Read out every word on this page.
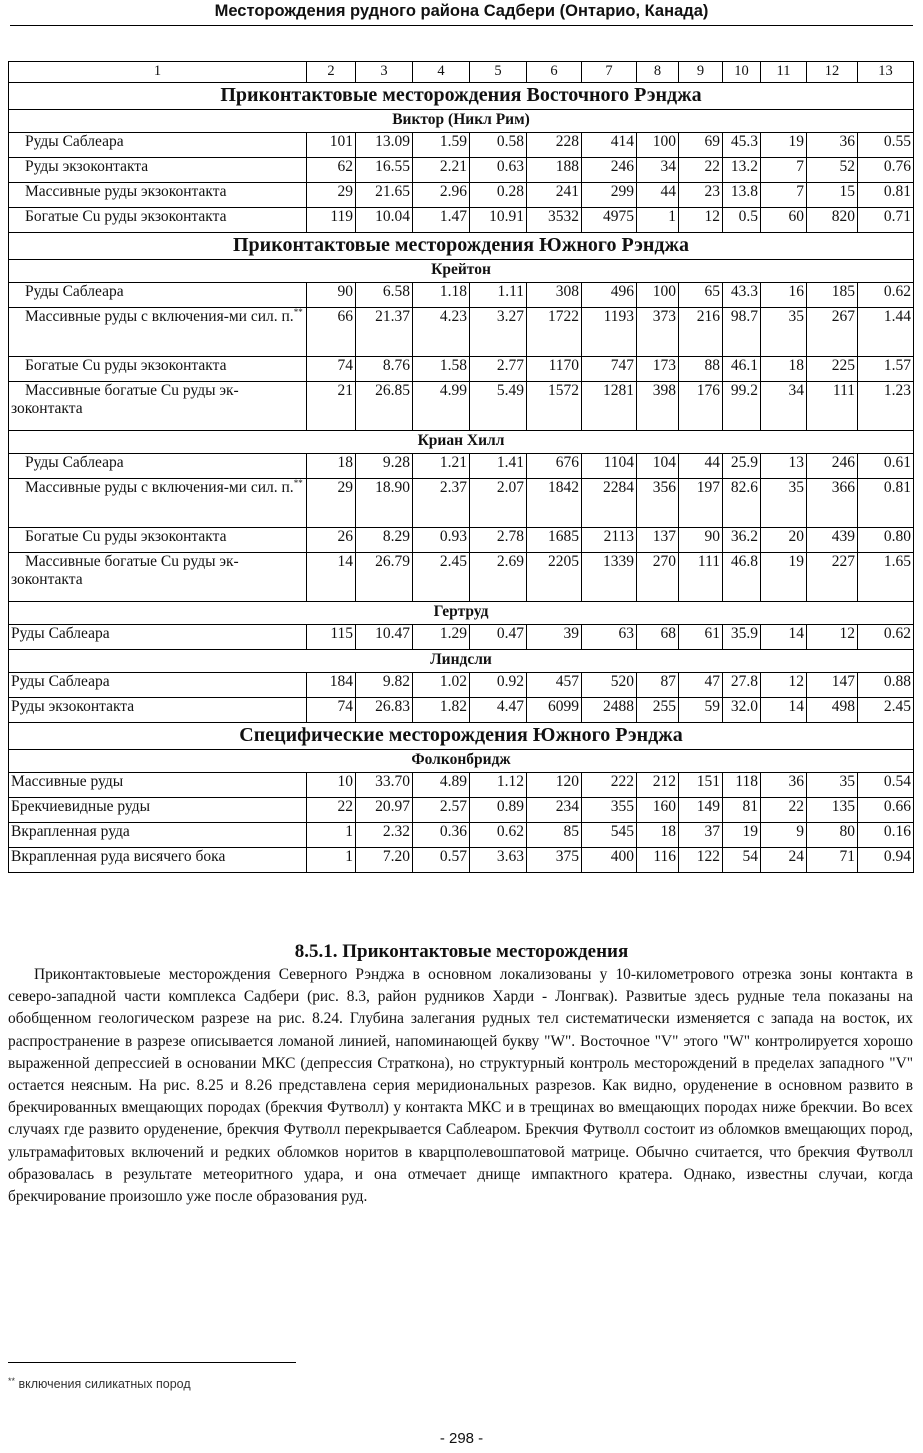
Месторождения рудного района Садбери (Онтарио, Канада)
1	2	3	4	5	6	7	8	9	10	11	12	13
Приконтактовые месторождения Восточного Рэнджа												
Виктор (Никл Рим)												
Руды Саблеара	101	13.09	1.59	0.58	228	414	100	69	45.3	19	36	0.55
Руды экзоконтакта	62	16.55	2.21	0.63	188	246	34	22	13.2	7	52	0.76
Массивные руды экзоконтакта	29	21.65	2.96	0.28	241	299	44	23	13.8	7	15	0.81
Богатые Cu руды экзоконтакта	119	10.04	1.47	10.91	3532	4975	1	12	0.5	60	820	0.71
Приконтактовые месторождения Южного Рэнджа												
Крейтон												
Руды Саблеара	90	6.58	1.18	1.11	308	496	100	65	43.3	16	185	0.62
Массивные руды с включения-ми сил. п.**	66	21.37	4.23	3.27	1722	1193	373	216	98.7	35	267	1.44
Богатые Cu руды экзоконтакта	74	8.76	1.58	2.77	1170	747	173	88	46.1	18	225	1.57
Массивные богатые Cu руды эк-зоконтакта	21	26.85	4.99	5.49	1572	1281	398	176	99.2	34	111	1.23
Криан Хилл												
Руды Саблеара	18	9.28	1.21	1.41	676	1104	104	44	25.9	13	246	0.61
Массивные руды с включения-ми сил. п.**	29	18.90	2.37	2.07	1842	2284	356	197	82.6	35	366	0.81
Богатые Cu руды экзоконтакта	26	8.29	0.93	2.78	1685	2113	137	90	36.2	20	439	0.80
Массивные богатые Cu руды эк-зоконтакта	14	26.79	2.45	2.69	2205	1339	270	111	46.8	19	227	1.65
Гертруд												
Руды Саблеара	115	10.47	1.29	0.47	39	63	68	61	35.9	14	12	0.62
Линдсли												
Руды Саблеара	184	9.82	1.02	0.92	457	520	87	47	27.8	12	147	0.88
Руды экзоконтакта	74	26.83	1.82	4.47	6099	2488	255	59	32.0	14	498	2.45
Специфические месторождения Южного Рэнджа												
Фолконбридж												
Массивные руды	10	33.70	4.89	1.12	120	222	212	151	118	36	35	0.54
Брекчиевидные руды	22	20.97	2.57	0.89	234	355	160	149	81	22	135	0.66
Вкрапленная руда	1	2.32	0.36	0.62	85	545	18	37	19	9	80	0.16
Вкрапленная руда висячего бока	1	7.20	0.57	3.63	375	400	116	122	54	24	71	0.94
8.5.1. Приконтактовые месторождения
Приконтактовыеые месторождения Северного Рэнджа в основном локализованы у 10-километрового отрезка зоны контакта в северо-западной части комплекса Садбери (рис. 8.3, район рудников Харди - Лонгвак). Развитые здесь рудные тела показаны на обобщенном геологическом разрезе на рис. 8.24. Глубина залегания рудных тел систематически изменяется с запада на восток, их распространение в разрезе описывается ломаной линией, напоминающей букву "W". Восточное "V" этого "W" контролируется хорошо выраженной депрессией в основании МКС (депрессия Страткона), но структурный контроль месторождений в пределах западного "V" остается неясным. На рис. 8.25 и 8.26 представлена серия меридиональных разрезов. Как видно, оруденение в основном развито в брекчированных вмещающих породах (брекчия Футволл) у контакта МКС и в трещинах во вмещающих породах ниже брекчии. Во всех случаях где развито оруденение, брекчия Футволл перекрывается Саблеаром. Брекчия Футволл состоит из обломков вмещающих пород, ультрамафитовых включений и редких обломков норитов в кварцполевошпатовой матрице. Обычно считается, что брекчия Футволл образовалась в результате метеоритного удара, и она отмечает днище импактного кратера. Однако, известны случаи, когда брекчирование произошло уже после образования руд.
** включения силикатных пород
- 298 -
